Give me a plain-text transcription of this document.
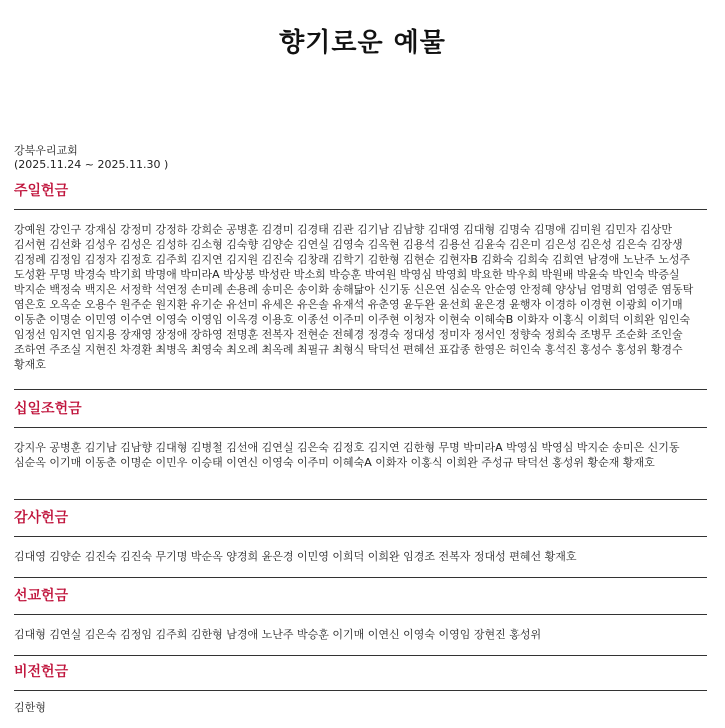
향기로운 예물
강북우리교회
(2025.11.24 ~ 2025.11.30 )
주일헌금
강예원 강인구 강재심 강정미 강정하 강희순 공병훈 김경미 김경태 김관 김기남 김남향 김대영 김대형 김명숙 김명애 김미원 김민자 김상만 김서현 김선화 김성우 김성은 김성하 김소형 김숙향 김양순 김연실 김영숙 김옥현 김용석 김용선 김윤숙 김은미 김은성 김은성 김은숙 김장생 김정례 김정임 김정자 김정호 김주희 김지연 김지원 김진숙 김창래 김학기 김한형 김현순 김현자B 김화숙 김희숙 김희연 남경애 노난주 노성주 도성환 무명 박경숙 박기희 박명애 박미라A 박상봉 박성란 박소희 박승훈 박여원 박영심 박영희 박요한 박우희 박원배 박윤숙 박인숙 박증실 박지순 백정숙 백지은 서정학 석연정 손미례 손용례 송미은 송이화 송해닮아 신기동 신은연 심순옥 안순영 안정혜 양상님 엄명희 엄영준 염동탁 염은호 오옥순 오용수 원주순 원지환 유기순 유선미 유세은 유은솔 유재석 유춘영 윤두완 윤선희 윤은경 윤행자 이경하 이경현 이광희 이기매 이동춘 이명순 이민영 이수연 이영숙 이영임 이옥경 이용호 이종선 이주미 이주현 이청자 이현숙 이혜숙B 이화자 이홍식 이희덕 이희완 임인숙 임정선 임지연 임지용 장재영 장정애 장하영 전명훈 전복자 전현순 전혜경 정경숙 정대성 정미자 정서인 정향숙 정희숙 조병무 조순화 조인술 조하연 주조실 지현진 차경환 최병옥 최영숙 최오례 최옥례 최필규 최형식 탁덕선 편혜선 표갑종 한영은 허인숙 홍석진 홍성수 홍성위 황경수 황재호
십일조헌금
강지우 공병훈 김기남 김남향 김대형 김병철 김선애 김연실 김은숙 김정호 김지연 김한형 무명 박미라A 박영심 박영심 박지순 송미은 신기동 심순옥 이기매 이동춘 이명순 이민우 이승태 이연신 이영숙 이주미 이혜숙A 이화자 이홍식 이희완 주성규 탁덕선 홍성위 황순재 황재호
감사헌금
김대영 김양순 김진숙 김진숙 무기명 박순옥 양경희 윤은경 이민영 이희덕 이희완 임경조 전복자 정대성 편혜선 황재호
선교헌금
김대형 김연실 김은숙 김정임 김주희 김한형 남경애 노난주 박승훈 이기매 이연신 이영숙 이영임 장현진 홍성위
비전헌금
김한형
